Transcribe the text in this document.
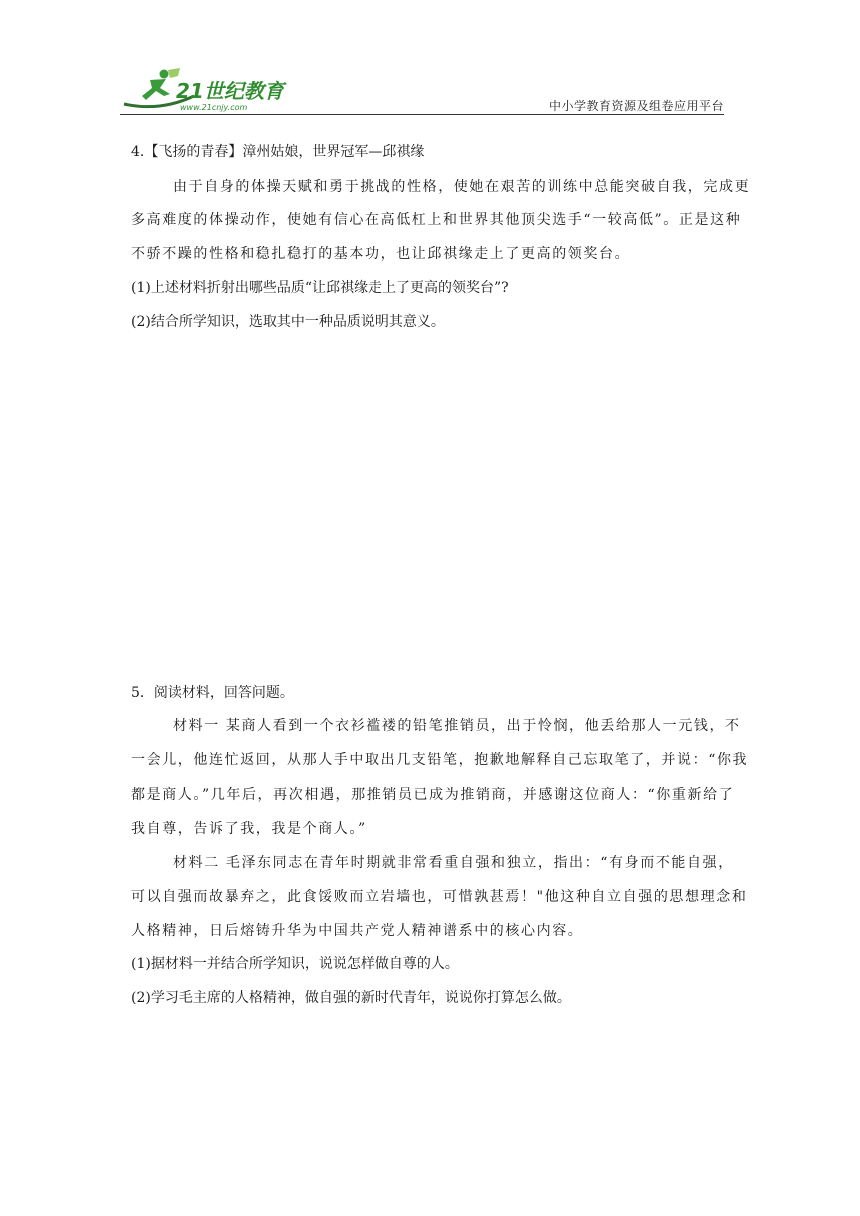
21世纪教育
www.21cnjy.com	中小学教育资源及组卷应用平台
4.【飞扬的青春】漳州姑娘，世界冠军—邱祺缘
由于自身的体操天赋和勇于挑战的性格，使她在艰苦的训练中总能突破自我，完成更
多高难度的体操动作，使她有信心在高低杠上和世界其他顶尖选手“一较高低”。正是这种
不骄不躁的性格和稳扎稳打的基本功，也让邱祺缘走上了更高的领奖台。
(1)上述材料折射出哪些品质“让邱祺缘走上了更高的领奖台”?
(2)结合所学知识，选取其中一种品质说明其意义。
5．阅读材料，回答问题。
材料一 某商人看到一个衣衫褴褛的铅笔推销员，出于怜悯，他丢给那人一元钱，不
一会儿，他连忙返回，从那人手中取出几支铅笔，抱歉地解释自己忘取笔了，并说：“你我
都是商人。”几年后，再次相遇，那推销员已成为推销商，并感谢这位商人：“你重新给了
我自尊，告诉了我，我是个商人。”
材料二 毛泽东同志在青年时期就非常看重自强和独立，指出：“有身而不能自强，
可以自强而故暴弃之，此食馁败而立岩墙也，可惜孰甚焉！"他这种自立自强的思想理念和
人格精神，日后熔铸升华为中国共产党人精神谱系中的核心内容。
(1)据材料一并结合所学知识，说说怎样做自尊的人。
(2)学习毛主席的人格精神，做自强的新时代青年，说说你打算怎么做。
